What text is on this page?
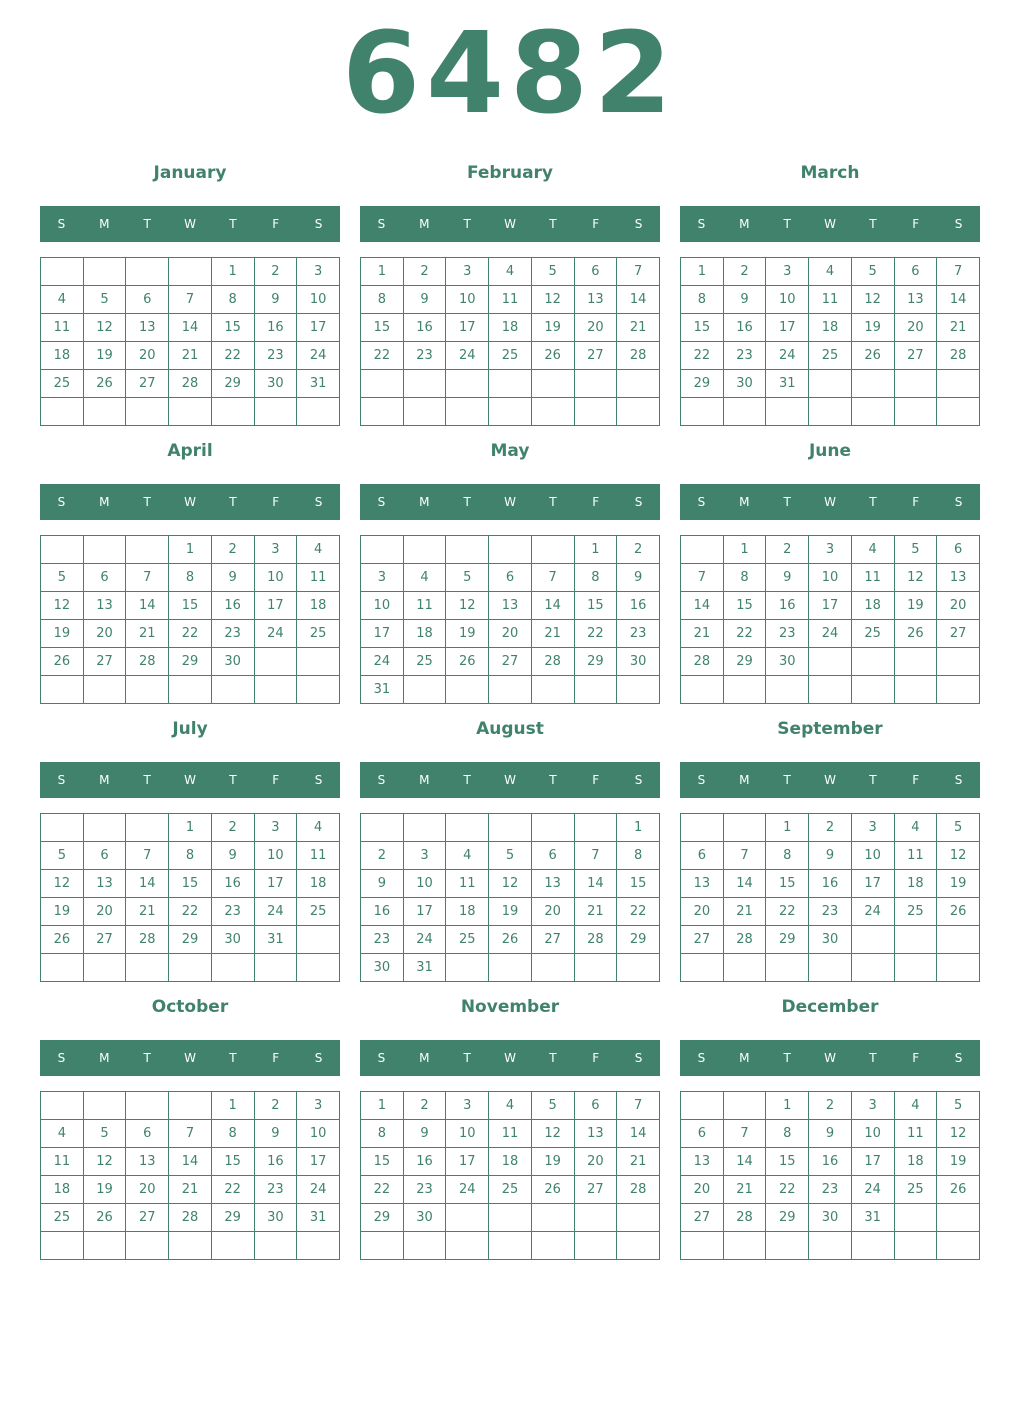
6482
January
S	M	T	W	T	F	S
				1	2	3
4	5	6	7	8	9	10
11	12	13	14	15	16	17
18	19	20	21	22	23	24
25	26	27	28	29	30	31

February
S	M	T	W	T	F	S
1	2	3	4	5	6	7
8	9	10	11	12	13	14
15	16	17	18	19	20	21
22	23	24	25	26	27	28

March
S	M	T	W	T	F	S
1	2	3	4	5	6	7
8	9	10	11	12	13	14
15	16	17	18	19	20	21
22	23	24	25	26	27	28
29	30	31				

April
S	M	T	W	T	F	S
			1	2	3	4
5	6	7	8	9	10	11
12	13	14	15	16	17	18
19	20	21	22	23	24	25
26	27	28	29	30		

May
S	M	T	W	T	F	S
					1	2
3	4	5	6	7	8	9
10	11	12	13	14	15	16
17	18	19	20	21	22	23
24	25	26	27	28	29	30
31						
June
S	M	T	W	T	F	S
	1	2	3	4	5	6
7	8	9	10	11	12	13
14	15	16	17	18	19	20
21	22	23	24	25	26	27
28	29	30				

July
S	M	T	W	T	F	S
			1	2	3	4
5	6	7	8	9	10	11
12	13	14	15	16	17	18
19	20	21	22	23	24	25
26	27	28	29	30	31	

August
S	M	T	W	T	F	S
						1
2	3	4	5	6	7	8
9	10	11	12	13	14	15
16	17	18	19	20	21	22
23	24	25	26	27	28	29
30	31					
September
S	M	T	W	T	F	S
		1	2	3	4	5
6	7	8	9	10	11	12
13	14	15	16	17	18	19
20	21	22	23	24	25	26
27	28	29	30			

October
S	M	T	W	T	F	S
				1	2	3
4	5	6	7	8	9	10
11	12	13	14	15	16	17
18	19	20	21	22	23	24
25	26	27	28	29	30	31

November
S	M	T	W	T	F	S
1	2	3	4	5	6	7
8	9	10	11	12	13	14
15	16	17	18	19	20	21
22	23	24	25	26	27	28
29	30					

December
S	M	T	W	T	F	S
		1	2	3	4	5
6	7	8	9	10	11	12
13	14	15	16	17	18	19
20	21	22	23	24	25	26
27	28	29	30	31		
